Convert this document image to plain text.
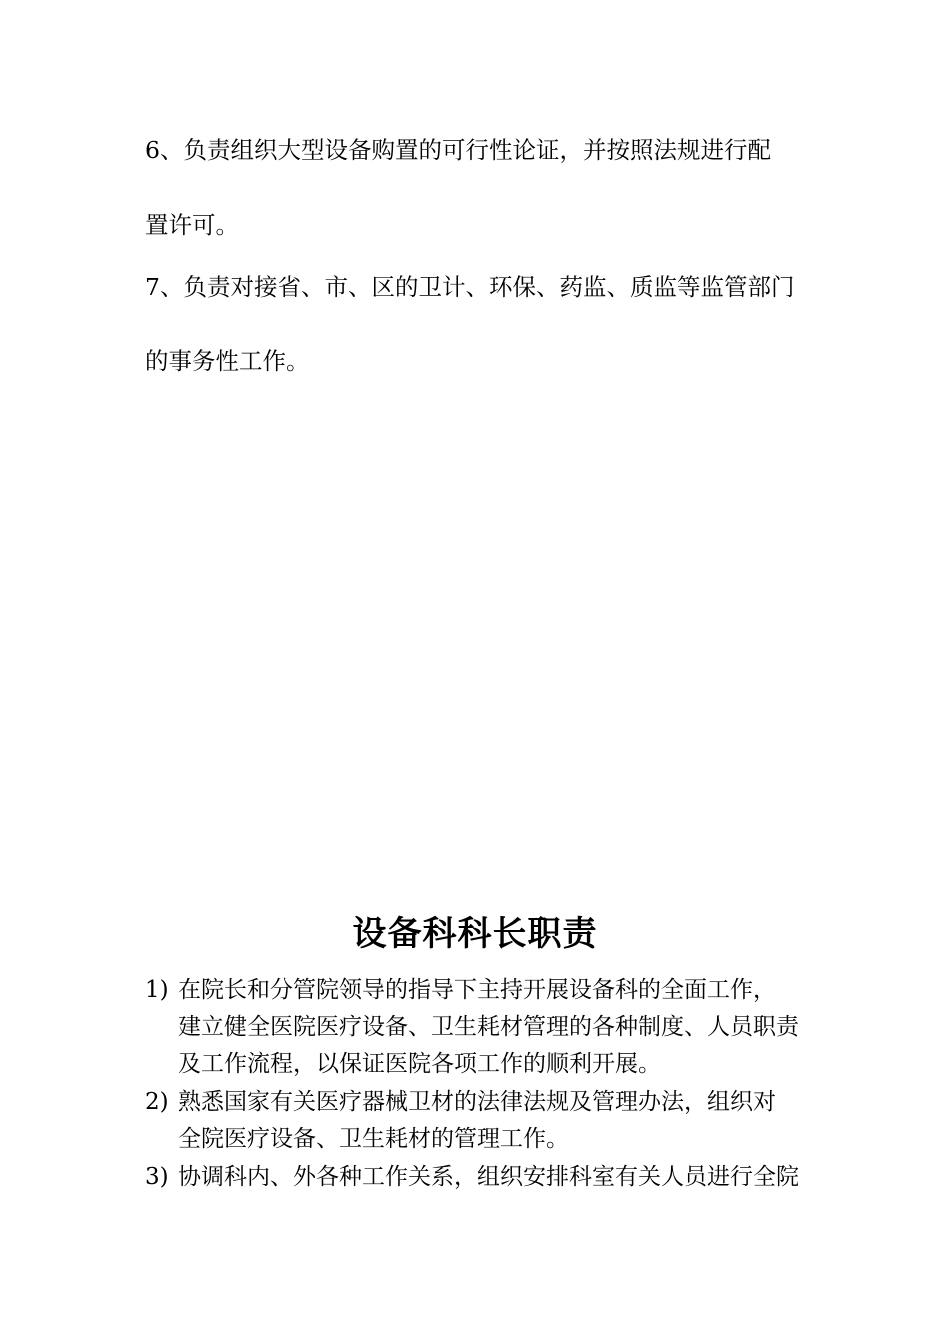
6、负责组织大型设备购置的可行性论证，并按照法规进行配
置许可。
7、负责对接省、市、区的卫计、环保、药监、质监等监管部门
的事务性工作。
设备科科长职责
1) 在院长和分管院领导的指导下主持开展设备科的全面工作，
建立健全医院医疗设备、卫生耗材管理的各种制度、人员职责
及工作流程，以保证医院各项工作的顺利开展。
2) 熟悉国家有关医疗器械卫材的法律法规及管理办法，组织对
全院医疗设备、卫生耗材的管理工作。
3) 协调科内、外各种工作关系，组织安排科室有关人员进行全院
